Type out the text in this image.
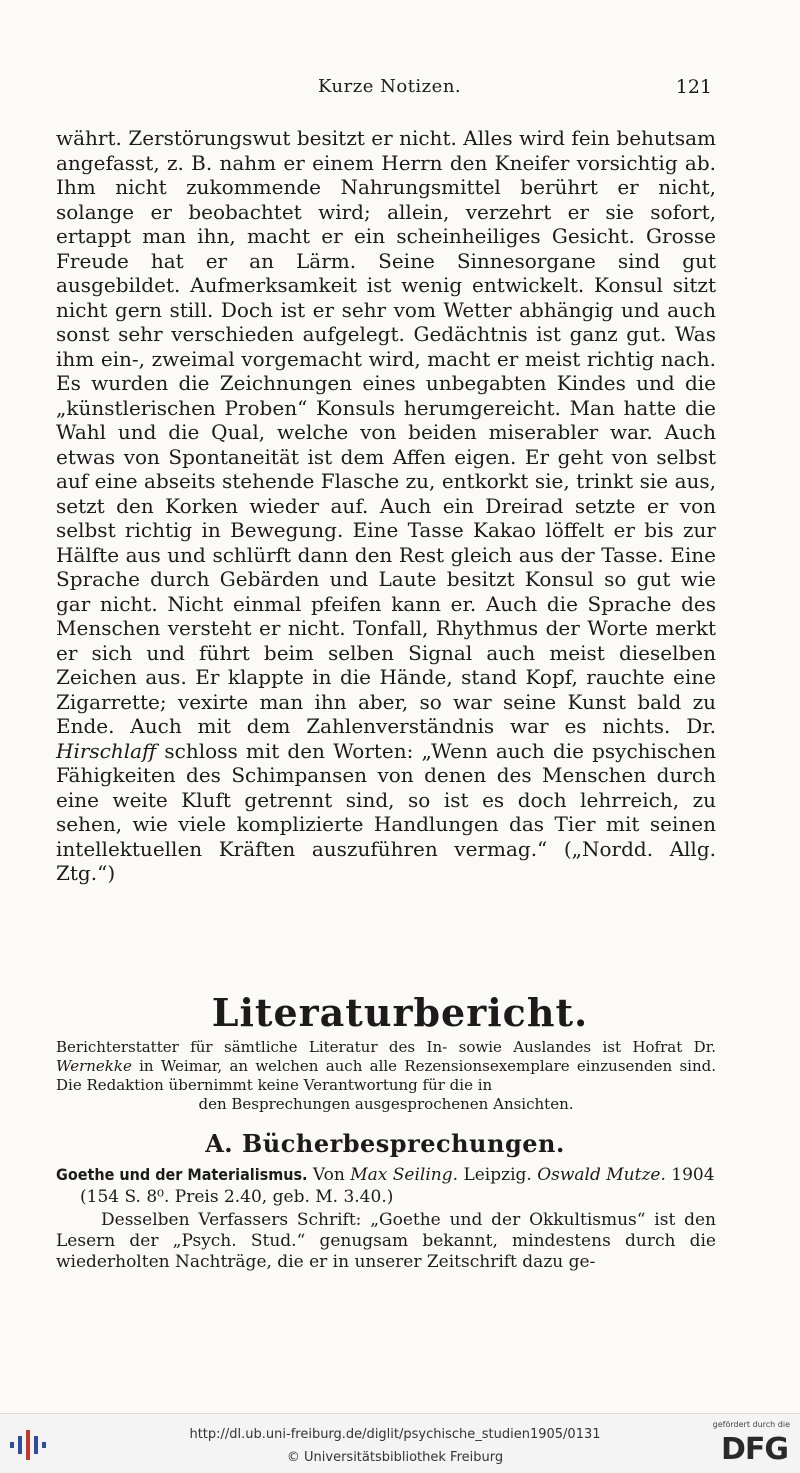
Kurze Notizen.	121

währt. Zerstörungswut besitzt er nicht. Alles wird fein behutsam angefasst, z. B. nahm er einem Herrn den Kneifer vorsichtig ab. Ihm nicht zukommende Nahrungsmittel berührt er nicht, solange er beobachtet wird; allein, verzehrt er sie sofort, ertappt man ihn, macht er ein scheinheiliges Gesicht. Grosse Freude hat er an Lärm. Seine Sinnesorgane sind gut ausgebildet. Aufmerksamkeit ist wenig entwickelt. Konsul sitzt nicht gern still. Doch ist er sehr vom Wetter abhängig und auch sonst sehr verschieden aufgelegt. Gedächtnis ist ganz gut. Was ihm ein-, zweimal vorgemacht wird, macht er meist richtig nach. Es wurden die Zeichnungen eines unbegabten Kindes und die „künstlerischen Proben“ Konsuls herumgereicht. Man hatte die Wahl und die Qual, welche von beiden miserabler war. Auch etwas von Spontaneität ist dem Affen eigen. Er geht von selbst auf eine abseits stehende Flasche zu, entkorkt sie, trinkt sie aus, setzt den Korken wieder auf. Auch ein Dreirad setzte er von selbst richtig in Bewegung. Eine Tasse Kakao löffelt er bis zur Hälfte aus und schlürft dann den Rest gleich aus der Tasse. Eine Sprache durch Gebärden und Laute besitzt Konsul so gut wie gar nicht. Nicht einmal pfeifen kann er. Auch die Sprache des Menschen versteht er nicht. Tonfall, Rhythmus der Worte merkt er sich und führt beim selben Signal auch meist dieselben Zeichen aus. Er klappte in die Hände, stand Kopf, rauchte eine Zigarrette; vexirte man ihn aber, so war seine Kunst bald zu Ende. Auch mit dem Zahlenverständnis war es nichts. Dr. Hirschlaff schloss mit den Worten: „Wenn auch die psychischen Fähigkeiten des Schimpansen von denen des Menschen durch eine weite Kluft getrennt sind, so ist es doch lehrreich, zu sehen, wie viele komplizierte Handlungen das Tier mit seinen intellektuellen Kräften auszuführen vermag.“ („Nordd. Allg. Ztg.“)

Literaturbericht.

Berichterstatter für sämtliche Literatur des In- sowie Auslandes ist Hofrat Dr. Wernekke in Weimar, an welchen auch alle Rezensionsexemplare einzusenden sind. Die Redaktion übernimmt keine Verantwortung für die in
den Besprechungen ausgesprochenen Ansichten.

A. Bücherbesprechungen.

Goethe und der Materialismus. Von Max Seiling. Leipzig. Oswald Mutze. 1904 (154 S. 8⁰. Preis 2.40, geb. M. 3.40.)

Desselben Verfassers Schrift: „Goethe und der Okkultismus“ ist den Lesern der „Psych. Stud.“ genugsam bekannt, mindestens durch die wiederholten Nachträge, die er in unserer Zeitschrift dazu ge-

http://dl.ub.uni-freiburg.de/diglit/psychische_studien1905/0131
© Universitätsbibliothek Freiburg
gefördert durch die
DFG
